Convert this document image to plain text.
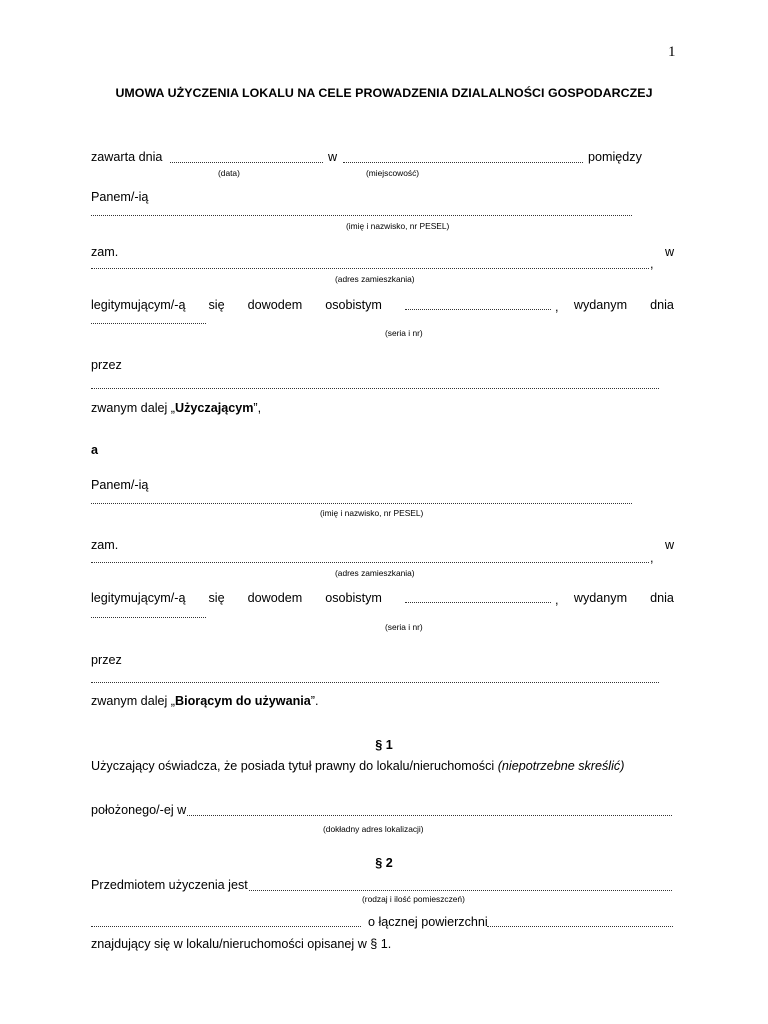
1
UMOWA UŻYCZENIA LOKALU NA CELE PROWADZENIA DZIALALNOŚCI GOSPODARCZEJ
zawarta dnia	w	pomiędzy
(data)	(miejscowość)
Panem/-ią
(imię i nazwisko, nr PESEL)
zam.	w
,
(adres zamieszkania)
legitymującym/-ą się dowodem osobistym	wydanym dnia
,
(seria i nr)
przez
zwanym dalej „Użyczającym”,
a
Panem/-ią
(imię i nazwisko, nr PESEL)
zam.	w
,
(adres zamieszkania)
legitymującym/-ą się dowodem osobistym	wydanym dnia
,
(seria i nr)
przez
zwanym dalej „Biorącym do używania”.
§ 1
Użyczający oświadcza, że posiada tytuł prawny do lokalu/nieruchomości (niepotrzebne skreślić)
położonego/-ej w
(dokładny adres lokalizacji)
§ 2
Przedmiotem użyczenia jest
(rodzaj i ilość pomieszczeń)
o łącznej powierzchni
znajdujący się w lokalu/nieruchomości opisanej w § 1.
